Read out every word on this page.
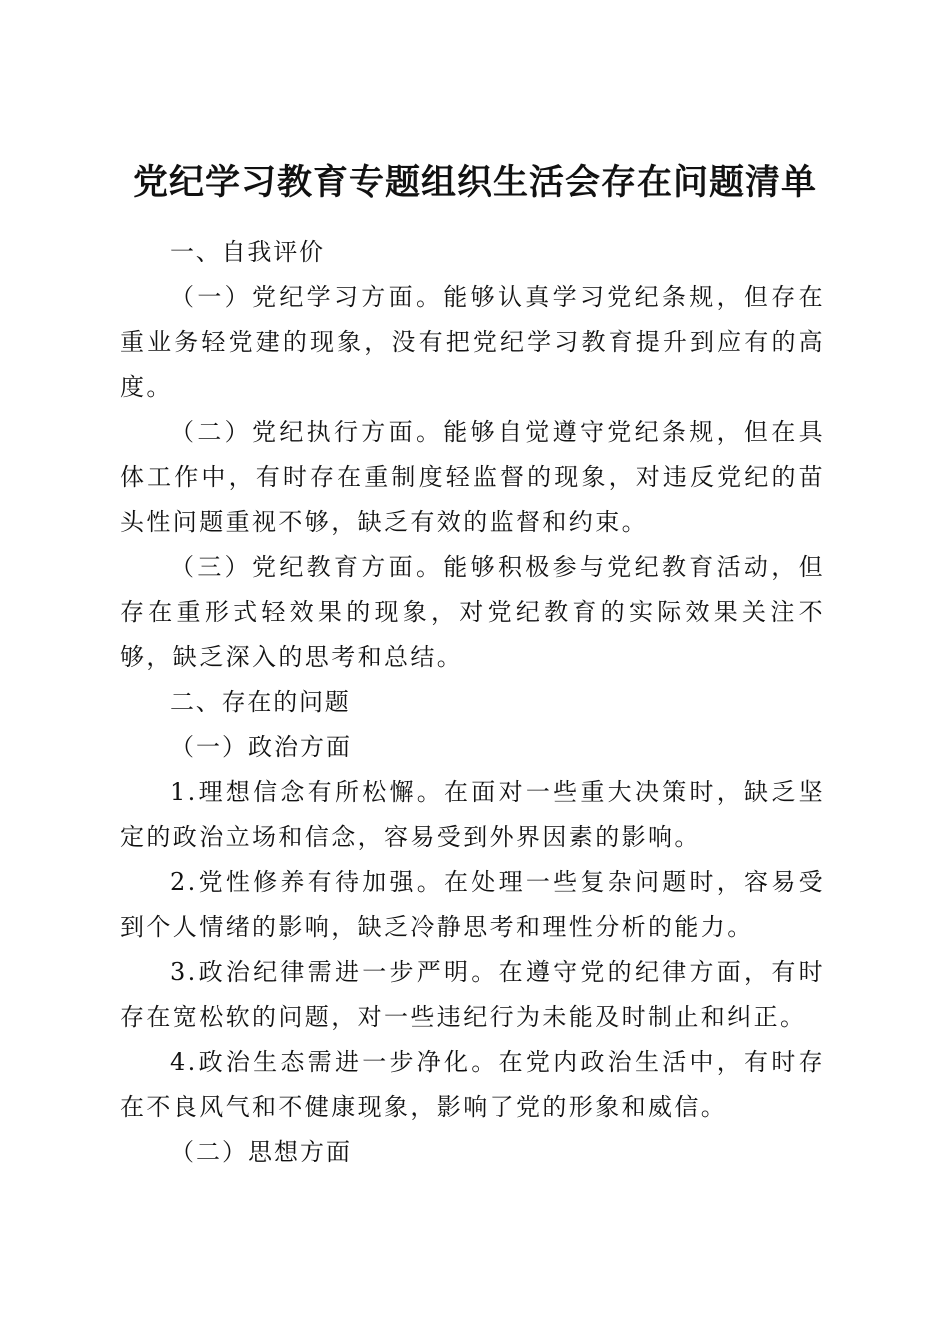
党纪学习教育专题组织生活会存在问题清单

一、自我评价

（一）党纪学习方面。能够认真学习党纪条规，但存在重业务轻党建的现象，没有把党纪学习教育提升到应有的高度。

（二）党纪执行方面。能够自觉遵守党纪条规，但在具体工作中，有时存在重制度轻监督的现象，对违反党纪的苗头性问题重视不够，缺乏有效的监督和约束。

（三）党纪教育方面。能够积极参与党纪教育活动，但存在重形式轻效果的现象，对党纪教育的实际效果关注不够，缺乏深入的思考和总结。

二、存在的问题

（一）政治方面

1.理想信念有所松懈。在面对一些重大决策时，缺乏坚定的政治立场和信念，容易受到外界因素的影响。

2.党性修养有待加强。在处理一些复杂问题时，容易受到个人情绪的影响，缺乏冷静思考和理性分析的能力。

3.政治纪律需进一步严明。在遵守党的纪律方面，有时存在宽松软的问题，对一些违纪行为未能及时制止和纠正。

4.政治生态需进一步净化。在党内政治生活中，有时存在不良风气和不健康现象，影响了党的形象和威信。

（二）思想方面
